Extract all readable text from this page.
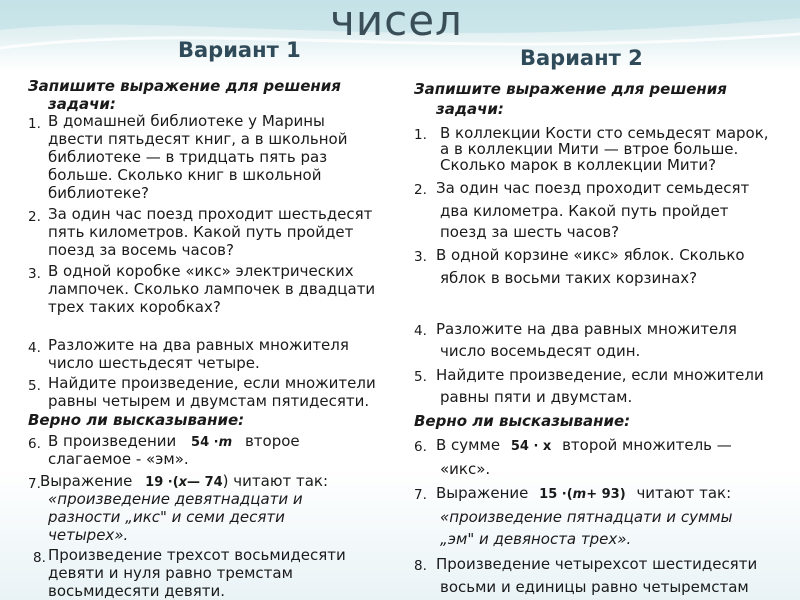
чисел
Вариант 1	Вариант 2
Запишите выражение для решения
задачи:
1. В домашней библиотеке у Марины
двести пятьдесят книг, а в школьной
библиотеке — в тридцать пять раз
больше. Сколько книг в школьной
библиотеке?
2. За один час поезд проходит шестьдесят
пять километров. Какой путь пройдет
поезд за восемь часов?
3. В одной коробке «икс» электрических
лампочек. Сколько лампочек в двадцати
трех таких коробках?
4. Разложите на два равных множителя
число шестьдесят четыре.
5. Найдите произведение, если множители
равны четырем и двумстам пятидесяти.
Верно ли высказывание:
6. В произведении 54 ·m второе
слагаемое - «эм».
7. Выражение 19 ·(x— 74) читают так:
«произведение девятнадцати и
разности „икс" и семи десяти
четырех».
8. Произведение трехсот восьмидесяти
девяти и нуля равно тремстам
восьмидесяти девяти.
Запишите выражение для решения
задачи:
1. В коллекции Кости сто семьдесят марок,
а в коллекции Мити — втрое больше.
Сколько марок в коллекции Мити?
2. За один час поезд проходит семьдесят
два километра. Какой путь пройдет
поезд за шесть часов?
3. В одной корзине «икс» яблок. Сколько
яблок в восьми таких корзинах?
4. Разложите на два равных множителя
число восемьдесят один.
5. Найдите произведение, если множители
равны пяти и двумстам.
Верно ли высказывание:
6. В сумме 54 · x второй множитель —
«икс».
7. Выражение 15 ·(m+ 93) читают так:
«произведение пятнадцати и суммы
„эм" и девяноста трех».
8. Произведение четырехсот шестидесяти
восьми и единицы равно четыремстам
